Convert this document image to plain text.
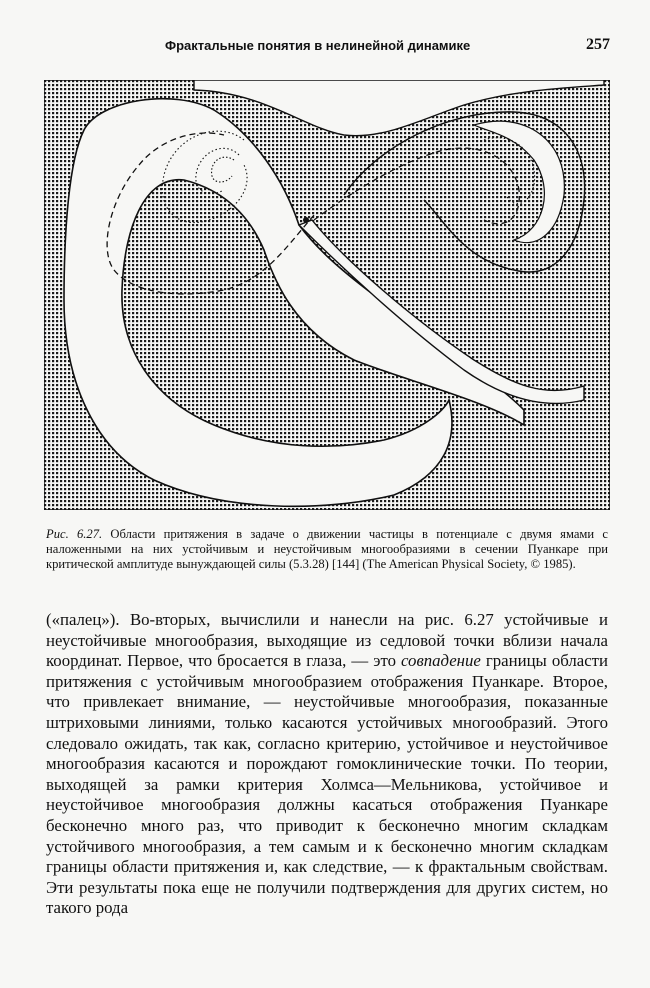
Фрактальные понятия в нелинейной динамике	257
Рис. 6.27. Области притяжения в задаче о движении частицы в потенциале с двумя ямами с наложенными на них устойчивым и неустойчивым многообразиями в сечении Пуанкаре при критической амплитуде вынуждающей силы (5.3.28) [144] (The American Physical Society, © 1985).
(«палец»). Во-вторых, вычислили и нанесли на рис. 6.27 устойчивые и неустойчивые многообразия, выходящие из седловой точки вблизи начала координат. Первое, что бросается в глаза, — это совпадение границы области притяжения с устойчивым многообразием отображения Пуанкаре. Второе, что привлекает внимание, — неустойчивые многообразия, показанные штриховыми линиями, только касаются устойчивых многообразий. Этого следовало ожидать, так как, согласно критерию, устойчивое и неустойчивое многообразия касаются и порождают гомоклинические точки. По теории, выходящей за рамки критерия Холмса—Мельникова, устойчивое и неустойчивое многообразия должны касаться отображения Пуанкаре бесконечно много раз, что приводит к бесконечно многим складкам устойчивого многообразия, а тем самым и к бесконечно многим складкам границы области притяжения и, как следствие, — к фрактальным свойствам. Эти результаты пока еще не получили подтверждения для других систем, но такого рода
